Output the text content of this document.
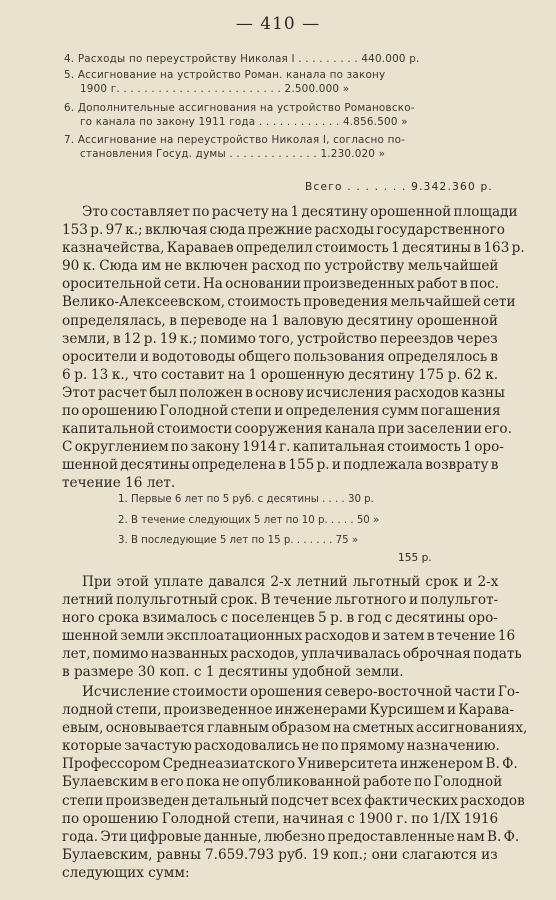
— 410 —
4. Расходы по переустройству Николая I . . . . . . . . . 440.000 р.
5. Ассигнование на устройство Роман. канала по закону
1900 г. . . . . . . . . . . . . . . . . . . . . . . . 2.500.000 »
6. Дополнительные ассигнования на устройство Романовско-
го канала по закону 1911 года . . . . . . . . . . . . 4.856.500 »
7. Ассигнование на переустройство Николая I, согласно по-
становления Госуд. думы . . . . . . . . . . . . . 1.230.020 »
Всего . . . . . . . 9.342.360 р.
Это составляет по расчету на 1 десятину орошенной площади
153 р. 97 к.; включая сюда прежние расходы государственного
казначейства, Караваев определил стоимость 1 десятины в 163 р.
90 к. Сюда им не включен расход по устройству мельчайшей
оросительной сети. На основании произведенных работ в пос.
Велико-Алексеевском, стоимость проведения мельчайшей сети
определялась, в переводе на 1 валовую десятину орошенной
земли, в 12 р. 19 к.; помимо того, устройство переездов через
оросители и водотоводы общего пользования определялось в
6 р. 13 к., что составит на 1 орошенную десятину 175 р. 62 к.
Этот расчет был положен в основу исчисления расходов казны
по орошению Голодной степи и определения сумм погашения
капитальной стоимости сооружения канала при заселении его.
С округлением по закону 1914 г. капитальная стоимость 1 оро-
шенной десятины определена в 155 р. и подлежала возврату в
течение 16 лет.
1. Первые 6 лет по 5 руб. с десятины . . . . 30 р.
2. В течение следующих 5 лет по 10 р. . . . . 50 »
3. В последующие 5 лет по 15 р. . . . . . . 75 »
155 р.
При этой уплате давался 2-х летний льготный срок и 2-х
летний полульготный срок. В течение льготного и полульгот-
ного срока взималось с поселенцев 5 р. в год с десятины оро-
шенной земли эксплоатационных расходов и затем в течение 16
лет, помимо названных расходов, уплачивалась оброчная подать
в размере 30 коп. с 1 десятины удобной земли.
Исчисление стоимости орошения северо-восточной части Го-
лодной степи, произведенное инженерами Курсишем и Карава-
евым, основывается главным образом на сметных ассигнованиях,
которые зачастую расходовались не по прямому назначению.
Профессором Среднеазиатского Университета инженером В. Ф.
Булаевским в его пока не опубликованной работе по Голодной
степи произведен детальный подсчет всех фактических расходов
по орошению Голодной степи, начиная с 1900 г. по 1/IX 1916
года. Эти цифровые данные, любезно предоставленные нам В. Ф.
Булаевским, равны 7.659.793 руб. 19 коп.; они слагаются из
следующих сумм:
